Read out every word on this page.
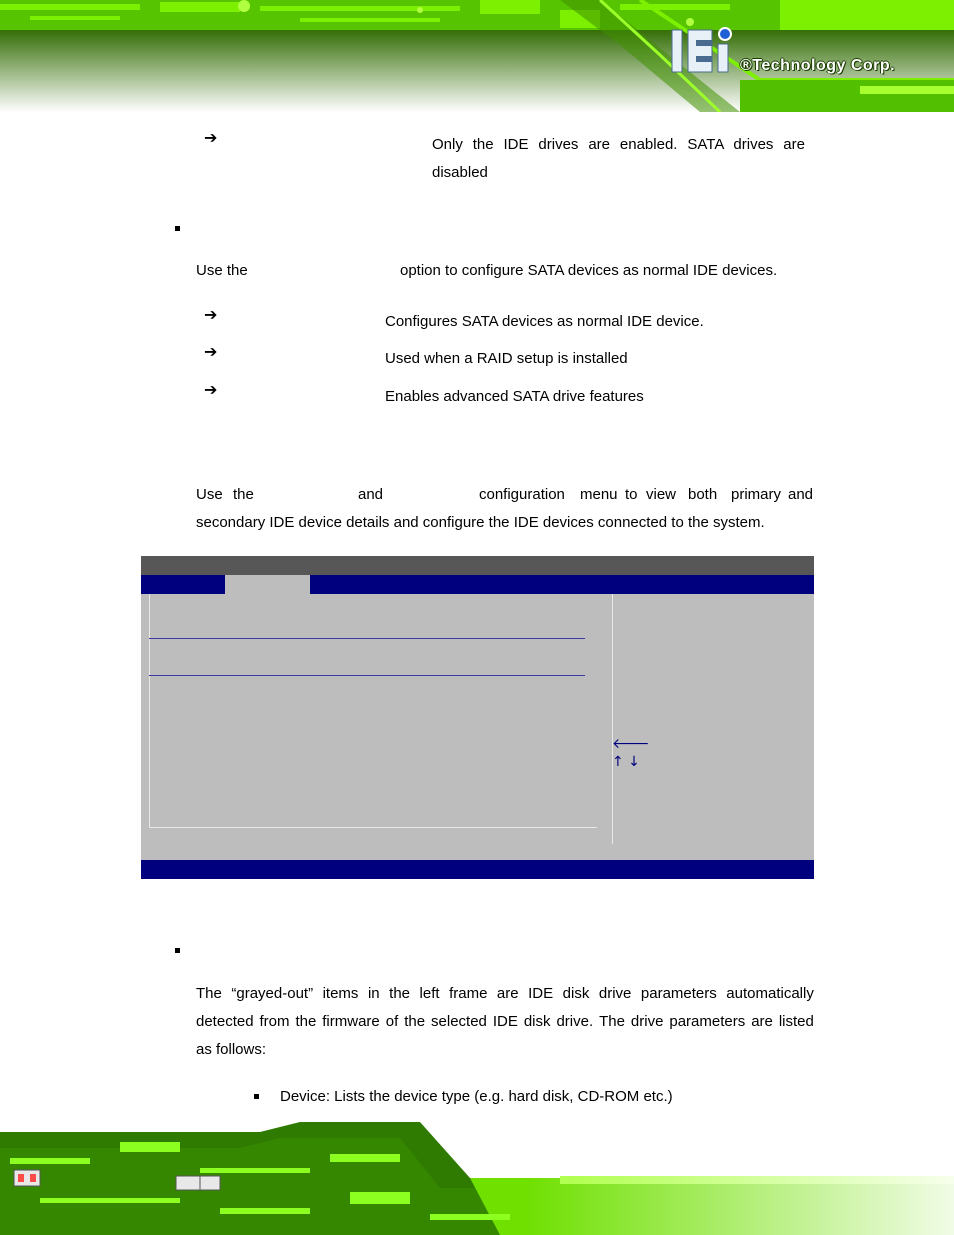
®Technology Corp.
➔	Only the IDE drives are enabled. SATA drives are
disabled
Use the	option to configure SATA devices as normal IDE devices.
➔	Configures SATA devices as normal IDE device.
➔	Used when a RAID setup is installed
➔	Enables advanced SATA drive features
Use the	and	configuration menu to view both primary and
secondary IDE device details and configure the IDE devices connected to the system.
🡐
↑ ↓
The “grayed-out” items in the left frame are IDE disk drive parameters automatically
detected from the firmware of the selected IDE disk drive. The drive parameters are listed
as follows:
Device: Lists the device type (e.g. hard disk, CD-ROM etc.)
